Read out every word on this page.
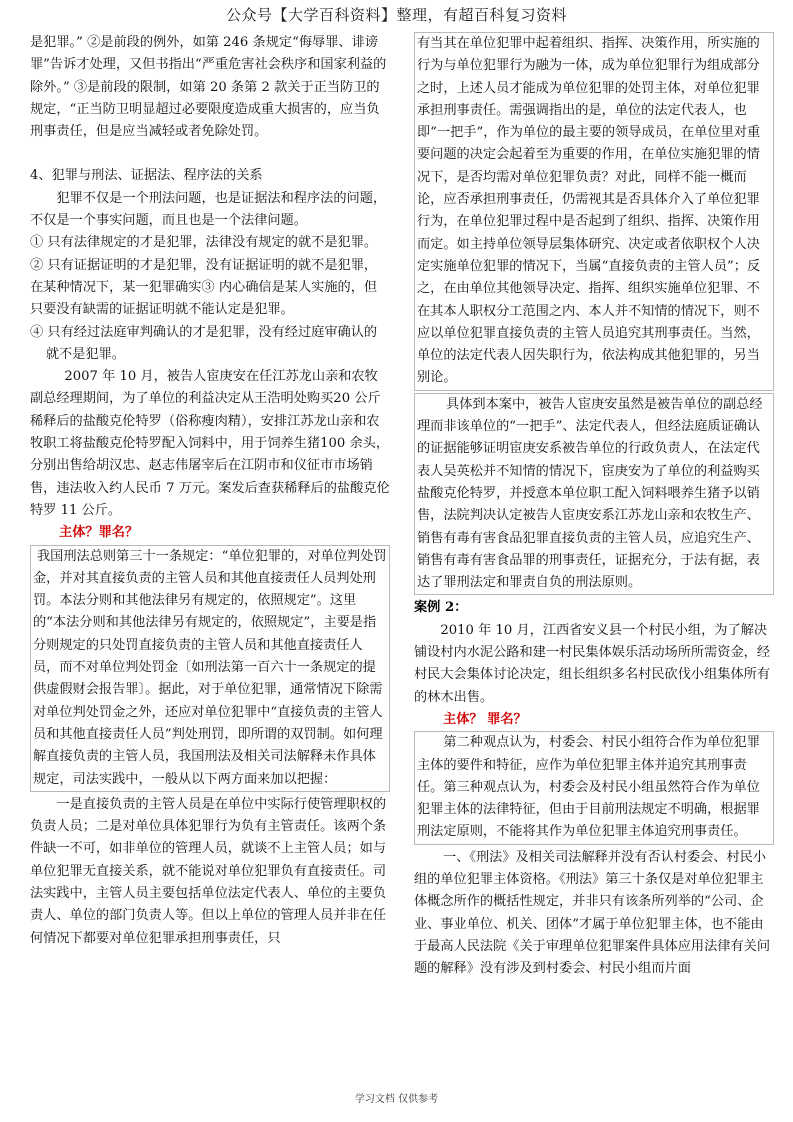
公众号【大学百科资料】整理，有超百科复习资料

是犯罪。” ②是前段的例外，如第 246 条规定“侮辱罪、诽谤罪”告诉才处理，又但书指出“严重危害社会秩序和国家利益的除外。” ③是前段的限制，如第 20 条第 2 款关于正当防卫的规定，“正当防卫明显超过必要限度造成重大损害的，应当负刑事责任，但是应当减轻或者免除处罚。

4、犯罪与刑法、证据法、程序法的关系

犯罪不仅是一个刑法问题，也是证据法和程序法的问题，不仅是一个事实问题，而且也是一个法律问题。

① 只有法律规定的才是犯罪，法律没有规定的就不是犯罪。

② 只有证据证明的才是犯罪，没有证据证明的就不是犯罪，在某种情况下，某一犯罪确实③ 内心确信是某人实施的，但只要没有缺需的证据证明就不能认定是犯罪。

④ 只有经过法庭审判确认的才是犯罪，没有经过庭审确认的就不是犯罪。

2007 年 10 月，被告人宦庚安在任江苏龙山亲和农牧副总经理期间，为了单位的利益决定从王浩明处购买20 公斤稀释后的盐酸克伦特罗（俗称瘦肉精），安排江苏龙山亲和农牧职工将盐酸克伦特罗配入饲料中，用于饲养生猪100 余头，分别出售给胡汉忠、赵志伟屠宰后在江阴市和仪征市市场销售，违法收入约人民币 7 万元。案发后查获稀释后的盐酸克伦特罗 11 公斤。

主体？罪名？

我国刑法总则第三十一条规定：“单位犯罪的，对单位判处罚金，并对其直接负责的主管人员和其他直接责任人员判处刑罚。本法分则和其他法律另有规定的，依照规定”。这里的“本法分则和其他法律另有规定的，依照规定”，主要是指分则规定的只处罚直接负责的主管人员和其他直接责任人员，而不对单位判处罚金〔如刑法第一百六十一条规定的提供虚假财会报告罪〕。据此，对于单位犯罪，通常情况下除需对单位判处罚金之外，还应对单位犯罪中“直接负责的主管人员和其他直接责任人员”判处刑罚，即所谓的双罚制。如何理解直接负责的主管人员，我国刑法及相关司法解释未作具体规定，司法实践中，一般从以下两方面来加以把握：

一是直接负责的主管人员是在单位中实际行使管理职权的负责人员；二是对单位具体犯罪行为负有主管责任。该两个条件缺一不可，如非单位的管理人员，就谈不上主管人员；如与单位犯罪无直接关系，就不能说对单位犯罪负有直接责任。司法实践中，主管人员主要包括单位法定代表人、单位的主要负责人、单位的部门负责人等。但以上单位的管理人员并非在任何情况下都要对单位犯罪承担刑事责任，只

有当其在单位犯罪中起着组织、指挥、决策作用，所实施的行为与单位犯罪行为融为一体，成为单位犯罪行为组成部分之时，上述人员才能成为单位犯罪的处罚主体，对单位犯罪承担刑事责任。需强调指出的是，单位的法定代表人，也即“一把手”，作为单位的最主要的领导成员，在单位里对重要问题的决定会起着至为重要的作用，在单位实施犯罪的情况下，是否均需对单位犯罪负责？对此，同样不能一概而论，应否承担刑事责任，仍需视其是否具体介入了单位犯罪行为，在单位犯罪过程中是否起到了组织、指挥、决策作用而定。如主持单位领导层集体研究、决定或者依职权个人决定实施单位犯罪的情况下，当属“直接负责的主管人员”；反之，在由单位其他领导决定、指挥、组织实施单位犯罪、不在其本人职权分工范围之内、本人并不知情的情况下，则不应以单位犯罪直接负责的主管人员追究其刑事责任。当然，单位的法定代表人因失职行为，依法构成其他犯罪的，另当别论。

具体到本案中，被告人宦庚安虽然是被告单位的副总经理而非该单位的“一把手”、法定代表人，但经法庭质证确认的证据能够证明宦庚安系被告单位的行政负责人，在法定代表人吴英松并不知情的情况下，宦庚安为了单位的利益购买盐酸克伦特罗，并授意本单位职工配入饲料喂养生猪予以销售，法院判决认定被告人宦庚安系江苏龙山亲和农牧生产、销售有毒有害食品犯罪直接负责的主管人员，应追究生产、销售有毒有害食品罪的刑事责任，证据充分，于法有据，表达了罪刑法定和罪责自负的刑法原则。

案例 2：

2010 年 10 月，江西省安义县一个村民小组，为了解决铺设村内水泥公路和建一村民集体娱乐活动场所所需资金，经村民大会集体讨论决定，组长组织多名村民砍伐小组集体所有的林木出售。

主体？ 罪名？

第二种观点认为，村委会、村民小组符合作为单位犯罪主体的要件和特征，应作为单位犯罪主体并追究其刑事责任。第三种观点认为，村委会及村民小组虽然符合作为单位犯罪主体的法律特征，但由于目前刑法规定不明确，根据罪刑法定原则，不能将其作为单位犯罪主体追究刑事责任。

一、《刑法》及相关司法解释并没有否认村委会、村民小组的单位犯罪主体资格。《刑法》第三十条仅是对单位犯罪主体概念所作的概括性规定，并非只有该条所列举的“公司、企业、事业单位、机关、团体”才属于单位犯罪主体，也不能由于最高人民法院《关于审理单位犯罪案件具体应用法律有关问题的解释》没有涉及到村委会、村民小组而片面

学习文档 仅供参考
